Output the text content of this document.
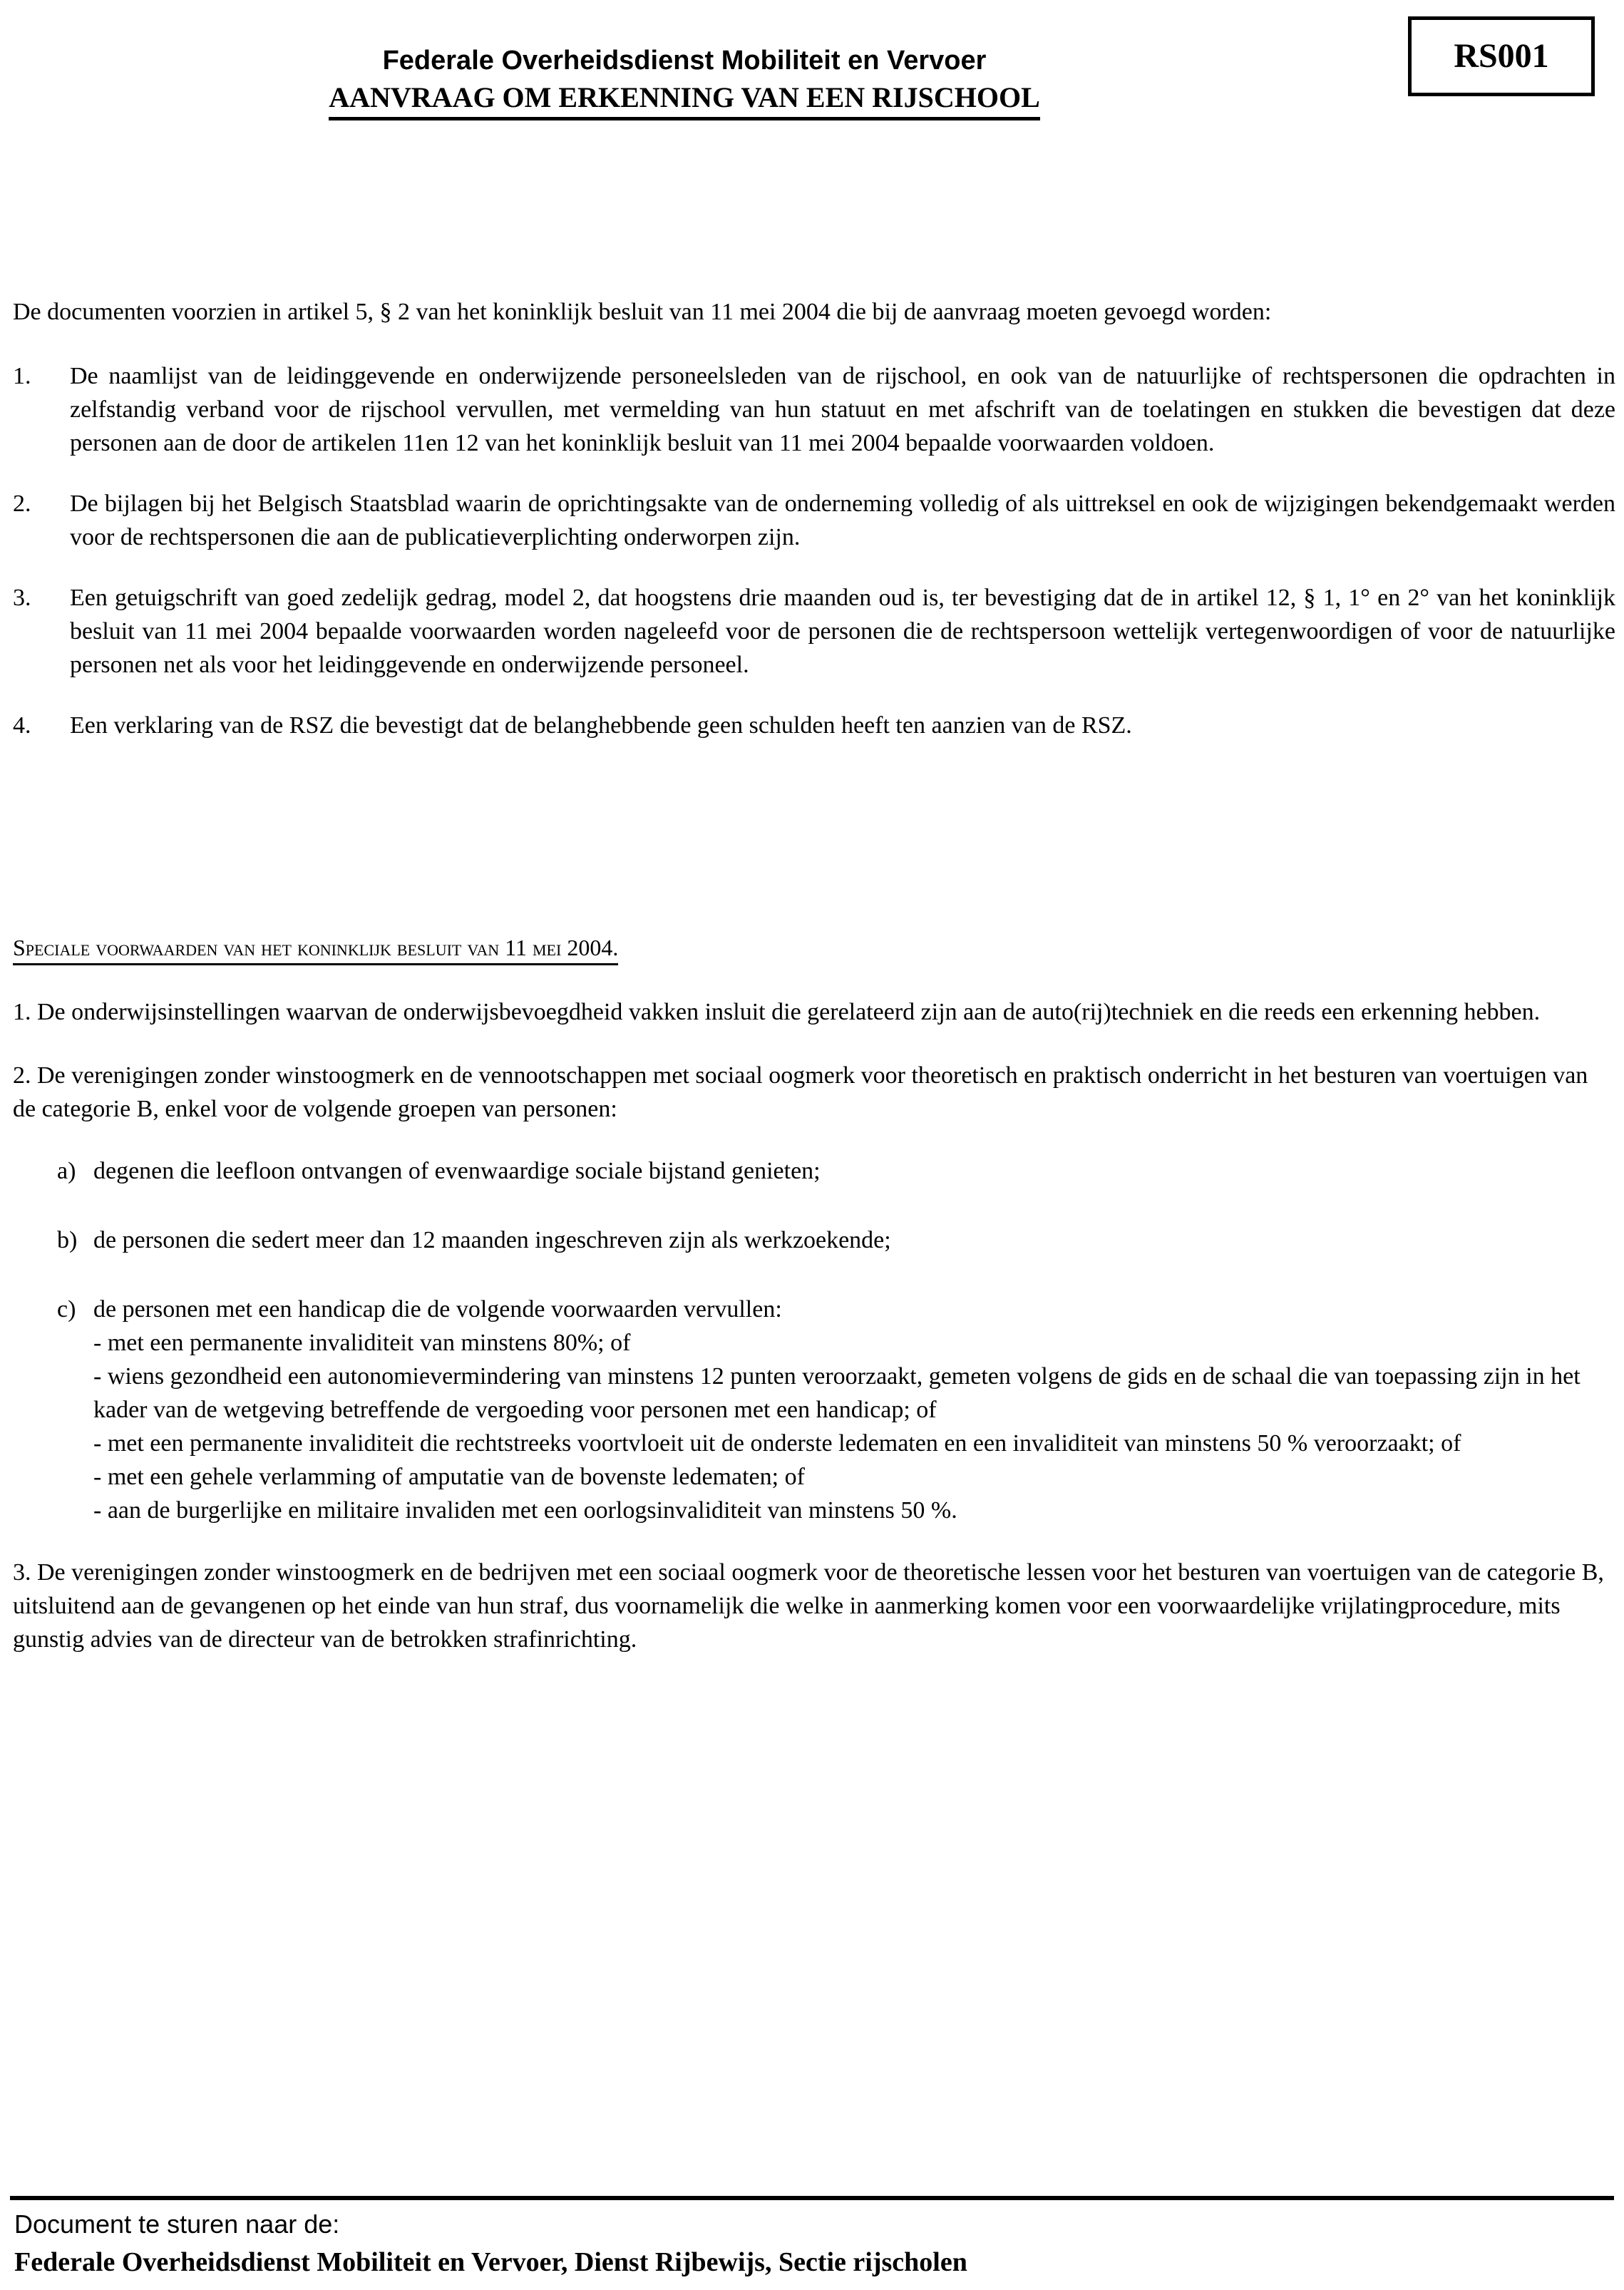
Federale Overheidsdienst Mobiliteit en Vervoer
AANVRAAG OM ERKENNING VAN EEN RIJSCHOOL
RS001

De documenten voorzien in artikel 5, § 2 van het koninklijk besluit van 11 mei 2004 die bij de aanvraag moeten gevoegd worden:

1.	De naamlijst van de leidinggevende en onderwijzende personeelsleden van de rijschool, en ook van de natuurlijke of rechtspersonen die opdrachten in zelfstandig verband voor de rijschool vervullen, met vermelding van hun statuut en met afschrift van de toelatingen en stukken die bevestigen dat deze personen aan de door de artikelen 11en 12 van het koninklijk besluit van 11 mei 2004 bepaalde voorwaarden voldoen.
2.	De bijlagen bij het Belgisch Staatsblad waarin de oprichtingsakte van de onderneming volledig of als uittreksel en ook de wijzigingen bekendgemaakt werden voor de rechtspersonen die aan de publicatieverplichting onderworpen zijn.
3.	Een getuigschrift van goed zedelijk gedrag, model 2, dat hoogstens drie maanden oud is, ter bevestiging dat de in artikel 12, § 1, 1° en 2° van het koninklijk besluit van 11 mei 2004 bepaalde voorwaarden worden nageleefd voor de personen die de rechtspersoon wettelijk vertegenwoordigen of voor de natuurlijke personen net als voor het leidinggevende en onderwijzende personeel.
4.	Een verklaring van de RSZ die bevestigt dat de belanghebbende geen schulden heeft ten aanzien van de RSZ.
Speciale voorwaarden van het koninklijk besluit van 11 mei 2004.

1. De onderwijsinstellingen waarvan de onderwijsbevoegdheid vakken insluit die gerelateerd zijn aan de auto(rij)techniek en die reeds een erkenning hebben.

2. De verenigingen zonder winstoogmerk en de vennootschappen met sociaal oogmerk voor theoretisch en praktisch onderricht in het besturen van voertuigen van de categorie B, enkel voor de volgende groepen van personen:

a) degenen die leefloon ontvangen of evenwaardige sociale bijstand genieten;
b) de personen die sedert meer dan 12 maanden ingeschreven zijn als werkzoekende;
c) de personen met een handicap die de volgende voorwaarden vervullen:
- met een permanente invaliditeit van minstens 80%; of
- wiens gezondheid een autonomievermindering van minstens 12 punten veroorzaakt, gemeten volgens de gids en de schaal die van toepassing zijn in het kader van de wetgeving betreffende de vergoeding voor personen met een handicap; of
- met een permanente invaliditeit die rechtstreeks voortvloeit uit de onderste ledematen en een invaliditeit van minstens 50 % veroorzaakt; of
- met een gehele verlamming of amputatie van de bovenste ledematen; of
- aan de burgerlijke en militaire invaliden met een oorlogsinvaliditeit van minstens 50 %.

3. De verenigingen zonder winstoogmerk en de bedrijven met een sociaal oogmerk voor de theoretische lessen voor het besturen van voertuigen van de categorie B, uitsluitend aan de gevangenen op het einde van hun straf, dus voornamelijk die welke in aanmerking komen voor een voorwaardelijke vrijlatingprocedure, mits gunstig advies van de directeur van de betrokken strafinrichting.

Document te sturen naar de:
Federale Overheidsdienst Mobiliteit en Vervoer, Dienst Rijbewijs, Sectie rijscholen
